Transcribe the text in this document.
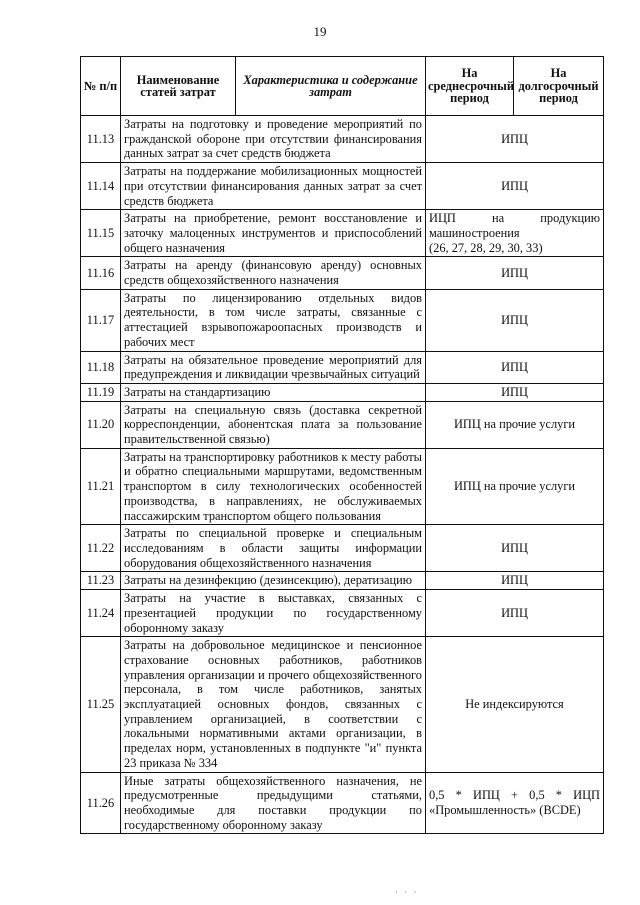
19
№ п/п	Наименование статей затрат	Характеристика и содержание затрат	На среднесрочный период	На долгосрочный период
11.13	Затраты на подготовку и проведение мероприятий по гражданской обороне при отсутствии финансирования данных затрат за счет средств бюджета		ИПЦ	
11.14	Затраты на поддержание мобилизационных мощностей при отсутствии финансирования данных затрат за счет средств бюджета		ИПЦ	
11.15	Затраты на приобретение, ремонт восстановление и заточку малоценных инструментов и приспособлений общего назначения		ИЦП на продукцию
машиностроения
(26, 27, 28, 29, 30, 33)	

11.16	Затраты на аренду (финансовую аренду) основных средств общехозяйственного назначения		ИПЦ	
11.17	Затраты по лицензированию отдельных видов деятельности, в том числе затраты, связанные с аттестацией взрывопожароопасных производств и рабочих мест		ИПЦ	
11.18	Затраты на обязательное проведение мероприятий для предупреждения и ликвидации чрезвычайных ситуаций		ИПЦ	
11.19	Затраты на стандартизацию		ИПЦ	
11.20	Затраты на специальную связь (доставка секретной корреспонденции, абонентская плата за пользование правительственной связью)		ИПЦ на прочие услуги	
11.21	Затраты на транспортировку работников к месту работы и обратно специальными маршрутами, ведомственным транспортом в силу технологических особенностей производства, в направлениях, не обслуживаемых пассажирским транспортом общего пользования		ИПЦ на прочие услуги	
11.22	Затраты по специальной проверке и специальным исследованиям в области защиты информации оборудования общехозяйственного назначения		ИПЦ	
11.23	Затраты на дезинфекцию (дезинсекцию), дератизацию		ИПЦ	
11.24	Затраты на участие в выставках, связанных с презентацией продукции по государственному оборонному заказу		ИПЦ	
11.25	Затраты на добровольное медицинское и пенсионное страхование основных работников, работников управления организации и прочего общехозяйственного персонала, в том числе работников, занятых эксплуатацией основных фондов, связанных с управлением организацией, в соответствии с локальными нормативными актами организации, в пределах норм, установленных в подпункте "и" пункта 23 приказа № 334		Не индексируются	
11.26	Иные затраты общехозяйственного назначения, не предусмотренные предыдущими статьями, необходимые для поставки продукции по государственному оборонному заказу		0,5 * ИПЦ + 0,5 * ИЦП
«Промышленность» (BCDE)	
· · ·
